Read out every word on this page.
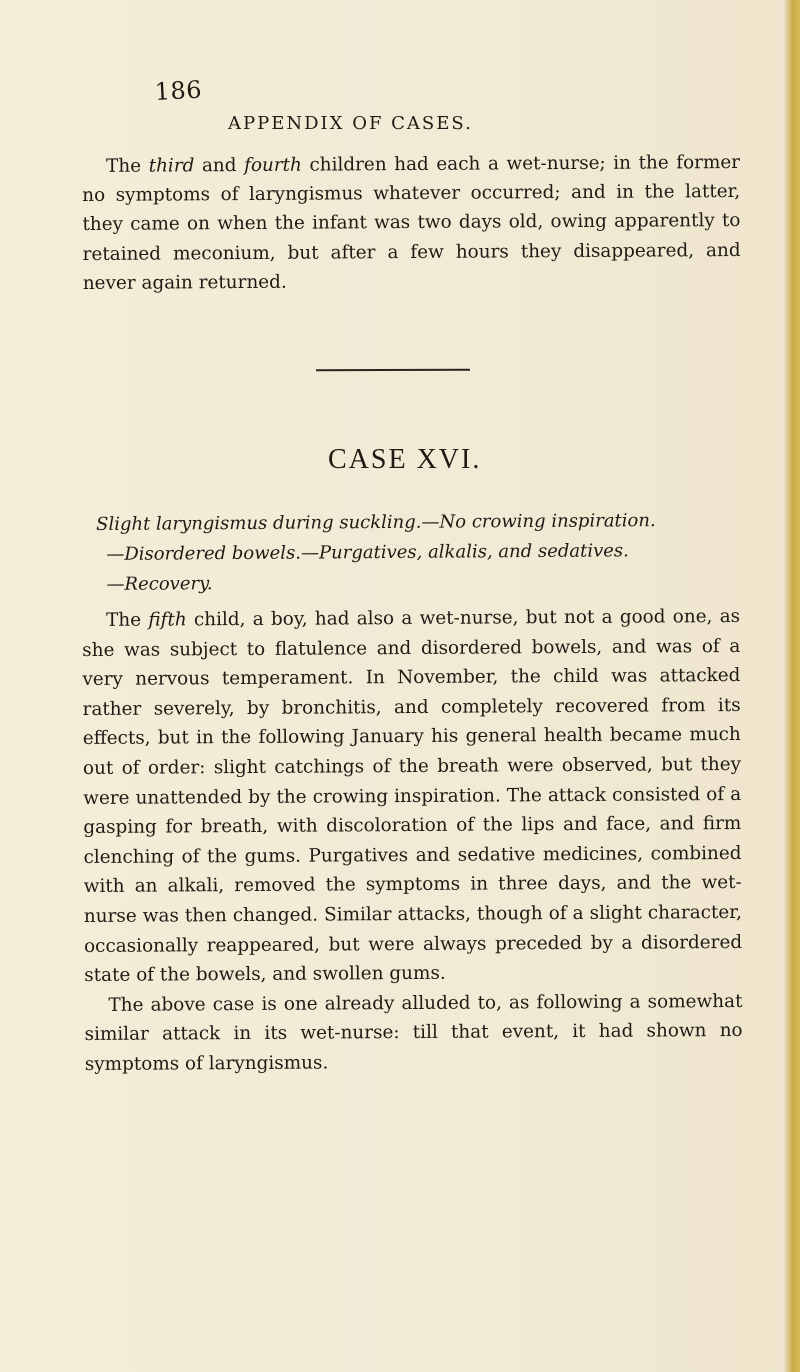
186
APPENDIX OF CASES.

The third and fourth children had each a wet-nurse; in the former no symptoms of laryngismus whatever occurred; and in the latter, they came on when the infant was two days old, owing apparently to retained meconium, but after a few hours they disappeared, and never again returned.

CASE XVI.
Slight laryngismus during suckling.—No crowing inspiration.
—Disordered bowels.—Purgatives, alkalis, and sedatives.
—Recovery.

The fifth child, a boy, had also a wet-nurse, but not a good one, as she was subject to flatulence and disordered bowels, and was of a very nervous temperament. In November, the child was attacked rather severely, by bronchitis, and completely recovered from its effects, but in the following January his general health became much out of order: slight catchings of the breath were observed, but they were unattended by the crowing inspiration. The attack consisted of a gasping for breath, with discoloration of the lips and face, and firm clenching of the gums. Purgatives and sedative medicines, combined with an alkali, removed the symptoms in three days, and the wet-nurse was then changed. Similar attacks, though of a slight character, occasionally reappeared, but were always preceded by a disordered state of the bowels, and swollen gums.

The above case is one already alluded to, as following a somewhat similar attack in its wet-nurse: till that event, it had shown no symptoms of laryngismus.
